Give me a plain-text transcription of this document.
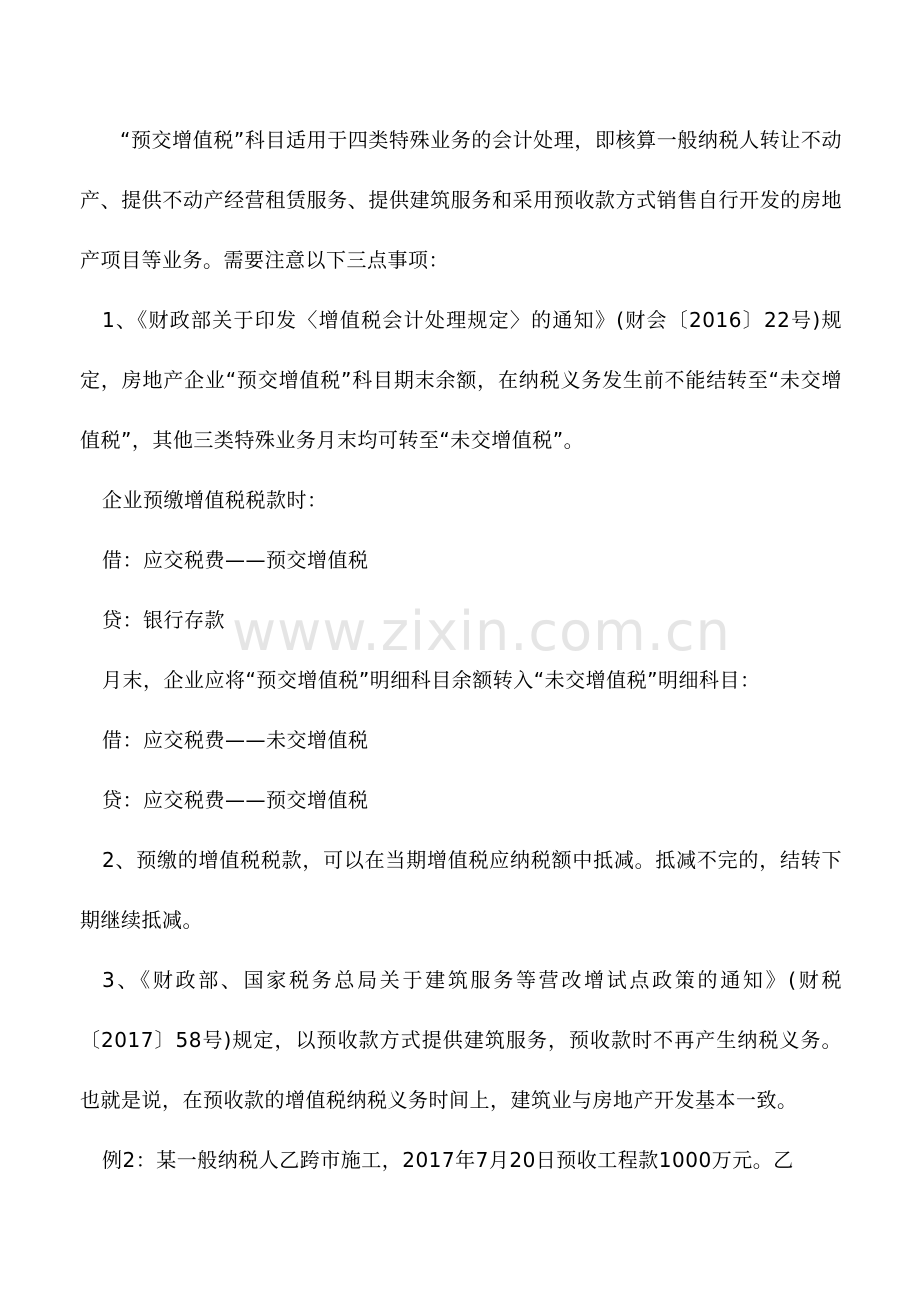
“预交增值税”科目适用于四类特殊业务的会计处理，即核算一般纳税人转让不动产、提供不动产经营租赁服务、提供建筑服务和采用预收款方式销售自行开发的房地产项目等业务。需要注意以下三点事项：

1、《财政部关于印发〈增值税会计处理规定〉的通知》(财会〔2016〕22号)规定，房地产企业“预交增值税”科目期末余额，在纳税义务发生前不能结转至“未交增值税”，其他三类特殊业务月末均可转至“未交增值税”。

企业预缴增值税税款时：

借：应交税费——预交增值税

贷：银行存款

月末，企业应将“预交增值税”明细科目余额转入“未交增值税”明细科目：

借：应交税费——未交增值税

贷：应交税费——预交增值税

2、预缴的增值税税款，可以在当期增值税应纳税额中抵减。抵减不完的，结转下期继续抵减。

3、《财政部、国家税务总局关于建筑服务等营改增试点政策的通知》(财税〔2017〕58号)规定，以预收款方式提供建筑服务，预收款时不再产生纳税义务。也就是说，在预收款的增值税纳税义务时间上，建筑业与房地产开发基本一致。

例2：某一般纳税人乙跨市施工，2017年7月20日预收工程款1000万元。乙

www.zixin.com.cn
